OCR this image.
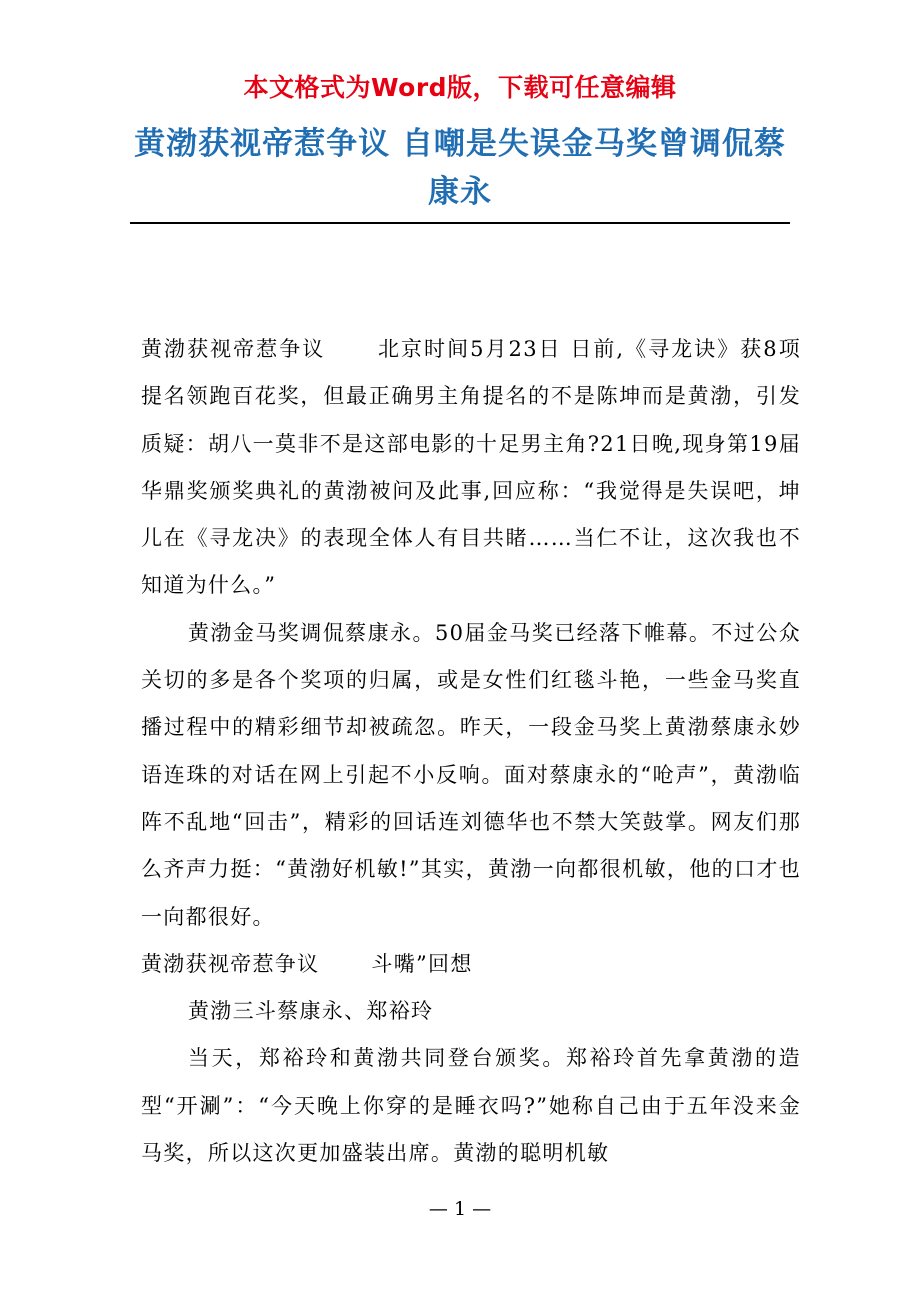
本文格式为Word版，下载可任意编辑
黄渤获视帝惹争议 自嘲是失误金马奖曾调侃蔡康永

黄渤获视帝惹争议 北京时间5月23日 日前,《寻龙诀》获8项提名领跑百花奖，但最正确男主角提名的不是陈坤而是黄渤，引发质疑：胡八一莫非不是这部电影的十足男主角?21日晚,现身第19届华鼎奖颁奖典礼的黄渤被问及此事,回应称：“我觉得是失误吧，坤儿在《寻龙决》的表现全体人有目共睹……当仁不让，这次我也不知道为什么。”

黄渤金马奖调侃蔡康永。50届金马奖已经落下帷幕。不过公众关切的多是各个奖项的归属，或是女性们红毯斗艳，一些金马奖直播过程中的精彩细节却被疏忽。昨天，一段金马奖上黄渤蔡康永妙语连珠的对话在网上引起不小反响。面对蔡康永的“呛声”，黄渤临阵不乱地“回击”，精彩的回话连刘德华也不禁大笑鼓掌。网友们那么齐声力挺：“黄渤好机敏!”其实，黄渤一向都很机敏，他的口才也一向都很好。

黄渤获视帝惹争议 斗嘴”回想

黄渤三斗蔡康永、郑裕玲

当天，郑裕玲和黄渤共同登台颁奖。郑裕玲首先拿黄渤的造型“开涮”：“今天晚上你穿的是睡衣吗?”她称自己由于五年没来金马奖，所以这次更加盛装出席。黄渤的聪明机敏

— 1 —
